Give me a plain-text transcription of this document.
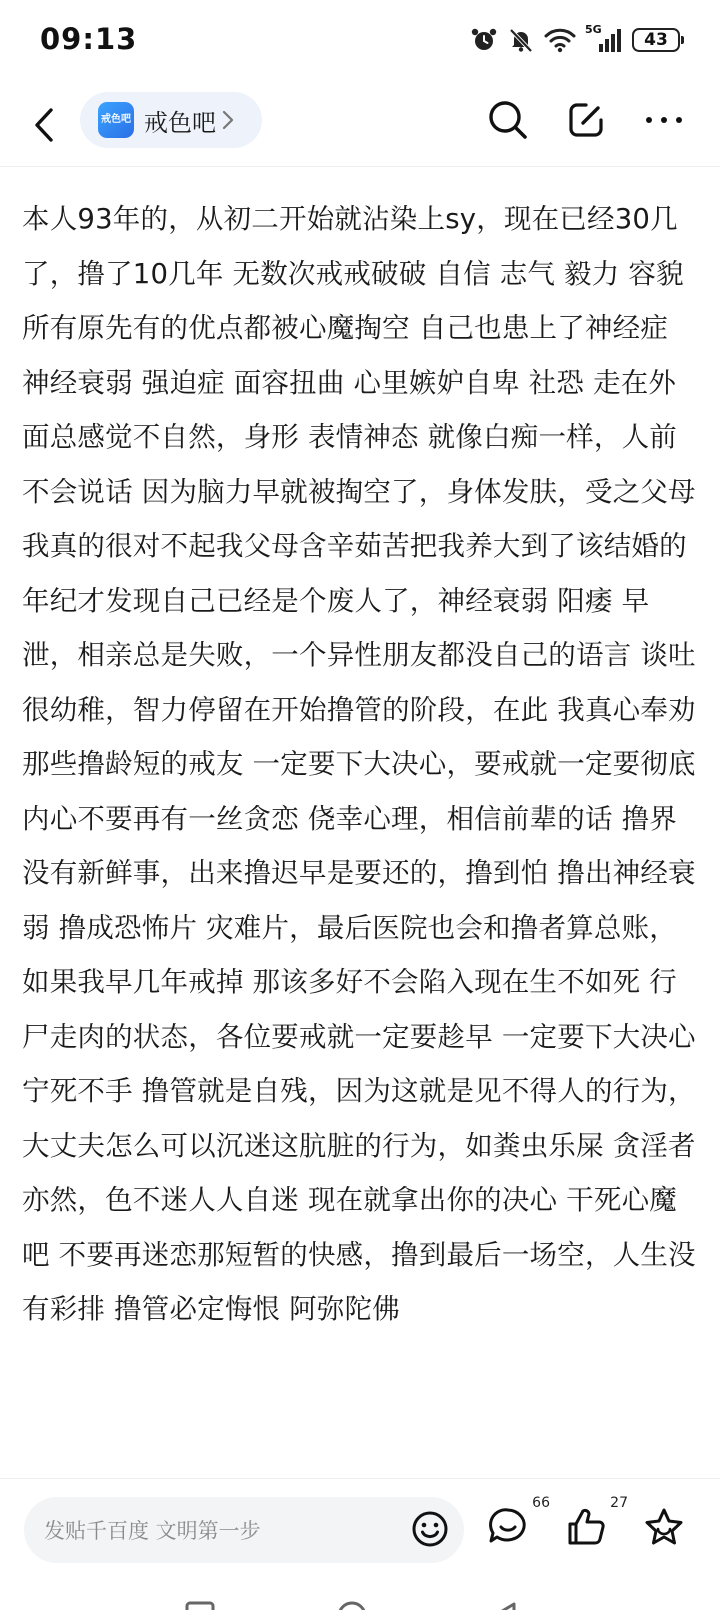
09:13	5G
43
戒色吧 戒色吧
本人93年的，从初二开始就沾染上sy，现在已经30几了，撸了10几年 无数次戒戒破破 自信 志气 毅力 容貌 所有原先有的优点都被心魔掏空 自己也患上了神经症 神经衰弱 强迫症 面容扭曲 心里嫉妒自卑 社恐 走在外面总感觉不自然，身形 表情神态 就像白痴一样，人前不会说话 因为脑力早就被掏空了，身体发肤，受之父母 我真的很对不起我父母含辛茹苦把我养大到了该结婚的年纪才发现自己已经是个废人了，神经衰弱 阳痿 早泄，相亲总是失败，一个异性朋友都没自己的语言 谈吐很幼稚，智力停留在开始撸管的阶段，在此 我真心奉劝那些撸龄短的戒友 一定要下大决心，要戒就一定要彻底 内心不要再有一丝贪恋 侥幸心理，相信前辈的话 撸界没有新鲜事，出来撸迟早是要还的，撸到怕 撸出神经衰弱 撸成恐怖片 灾难片，最后医院也会和撸者算总账，如果我早几年戒掉 那该多好不会陷入现在生不如死 行尸走肉的状态，各位要戒就一定要趁早 一定要下大决心 宁死不手 撸管就是自残，因为这就是见不得人的行为，大丈夫怎么可以沉迷这肮脏的行为，如粪虫乐屎 贪淫者亦然，色不迷人人自迷 现在就拿出你的决心 干死心魔吧 不要再迷恋那短暂的快感，撸到最后一场空，人生没有彩排 撸管必定悔恨 阿弥陀佛
发贴千百度 文明第一步
66	27
